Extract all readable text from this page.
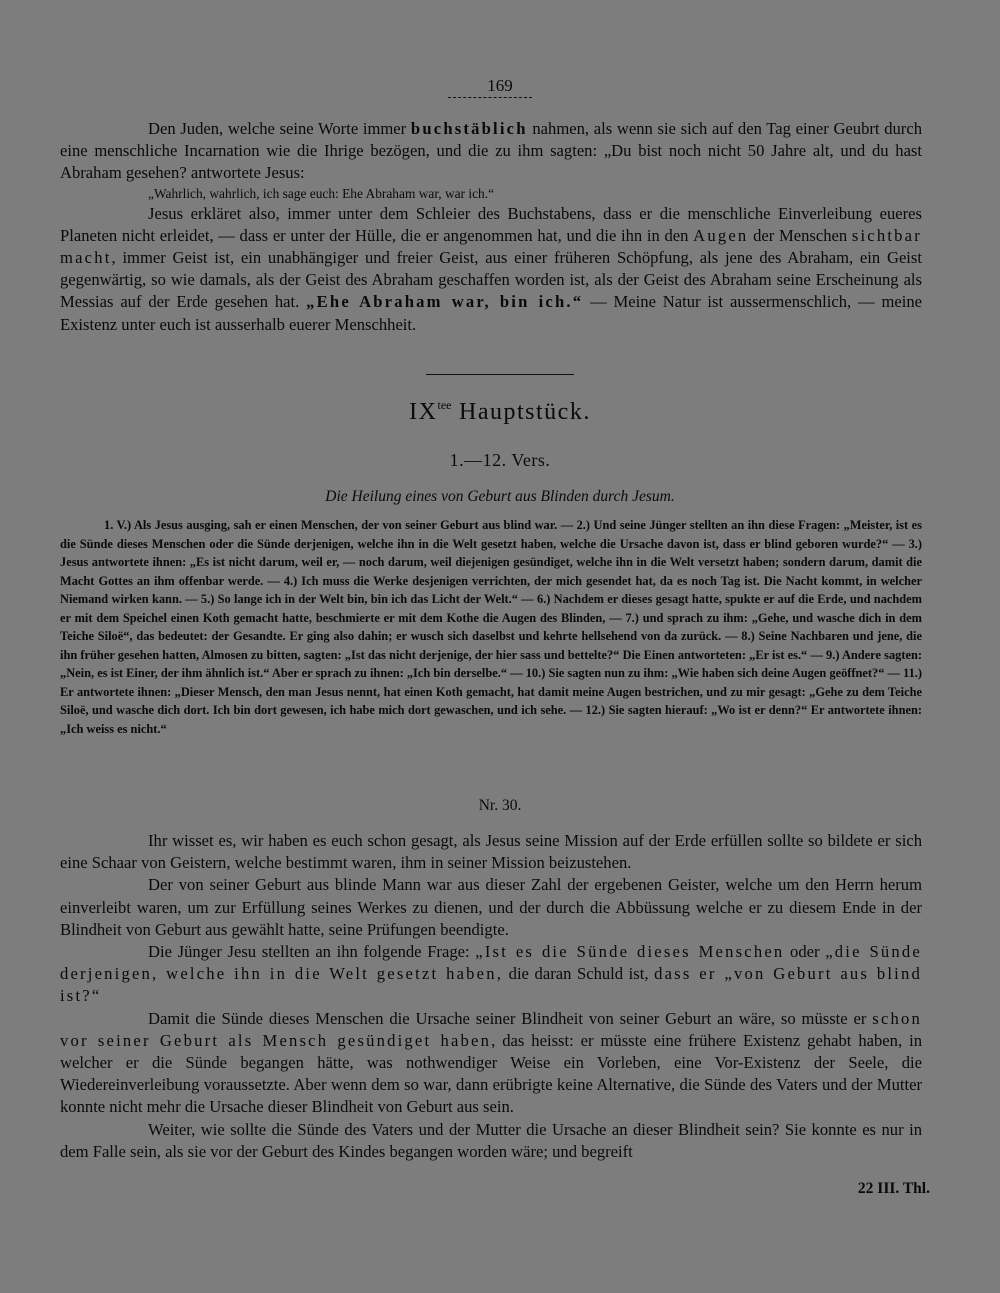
169

Den Juden, welche seine Worte immer buchstäblich nahmen, als wenn sie sich auf den Tag einer Geubrt durch eine menschliche Incarnation wie die Ihrige bezögen, und die zu ihm sagten: „Du bist noch nicht 50 Jahre alt, und du hast Abraham gesehen? antwortete Jesus:

„Wahrlich, wahrlich, ich sage euch: Ehe Abraham war, war ich.“

Jesus erkläret also, immer unter dem Schleier des Buchstabens, dass er die menschliche Einverleibung eueres Planeten nicht erleidet, — dass er unter der Hülle, die er angenommen hat, und die ihn in den Augen der Menschen sichtbar macht, immer Geist ist, ein unabhängiger und freier Geist, aus einer früheren Schöpfung, als jene des Abraham, ein Geist gegenwärtig, so wie damals, als der Geist des Abraham geschaffen worden ist, als der Geist des Abraham seine Erscheinung als Messias auf der Erde gesehen hat. „Ehe Abraham war, bin ich.“ — Meine Natur ist aussermenschlich, — meine Existenz unter euch ist ausserhalb euerer Menschheit.

$IX^{tee}$ Hauptstück.
1.—12. Vers.
Die Heilung eines von Geburt aus Blinden durch Jesum.

1. V.) Als Jesus ausging, sah er einen Menschen, der von seiner Geburt aus blind war. — 2.) Und seine Jünger stellten an ihn diese Fragen: „Meister, ist es die Sünde dieses Menschen oder die Sünde derjenigen, welche ihn in die Welt gesetzt haben, welche die Ursache davon ist, dass er blind geboren wurde?“ — 3.) Jesus antwortete ihnen: „Es ist nicht darum, weil er, — noch darum, weil diejenigen gesündiget, welche ihn in die Welt versetzt haben; sondern darum, damit die Macht Gottes an ihm offenbar werde. — 4.) Ich muss die Werke desjenigen verrichten, der mich gesendet hat, da es noch Tag ist. Die Nacht kommt, in welcher Niemand wirken kann. — 5.) So lange ich in der Welt bin, bin ich das Licht der Welt.“ — 6.) Nachdem er dieses gesagt hatte, spukte er auf die Erde, und nachdem er mit dem Speichel einen Koth gemacht hatte, beschmierte er mit dem Kothe die Augen des Blinden, — 7.) und sprach zu ihm: „Gehe, und wasche dich in dem Teiche Siloë“, das bedeutet: der Gesandte. Er ging also dahin; er wusch sich daselbst und kehrte hellsehend von da zurück. — 8.) Seine Nachbaren und jene, die ihn früher gesehen hatten, Almosen zu bitten, sagten: „Ist das nicht derjenige, der hier sass und bettelte?“ Die Einen antworteten: „Er ist es.“ — 9.) Andere sagten: „Nein, es ist Einer, der ihm ähnlich ist.“ Aber er sprach zu ihnen: „Ich bin derselbe.“ — 10.) Sie sagten nun zu ihm: „Wie haben sich deine Augen geöffnet?“ — 11.) Er antwortete ihnen: „Dieser Mensch, den man Jesus nennt, hat einen Koth gemacht, hat damit meine Augen bestrichen, und zu mir gesagt: „Gehe zu dem Teiche Siloë, und wasche dich dort. Ich bin dort gewesen, ich habe mich dort gewaschen, und ich sehe. — 12.) Sie sagten hierauf: „Wo ist er denn?“ Er antwortete ihnen: „Ich weiss es nicht.“

Nr. 30.

Ihr wisset es, wir haben es euch schon gesagt, als Jesus seine Mission auf der Erde erfüllen sollte so bildete er sich eine Schaar von Geistern, welche bestimmt waren, ihm in seiner Mission beizustehen.

Der von seiner Geburt aus blinde Mann war aus dieser Zahl der ergebenen Geister, welche um den Herrn herum einverleibt waren, um zur Erfüllung seines Werkes zu dienen, und der durch die Abbüssung welche er zu diesem Ende in der Blindheit von Geburt aus gewählt hatte, seine Prüfungen beendigte.

Die Jünger Jesu stellten an ihn folgende Frage: „Ist es die Sünde dieses Menschen oder „die Sünde derjenigen, welche ihn in die Welt gesetzt haben, die daran Schuld ist, dass er „von Geburt aus blind ist?“

Damit die Sünde dieses Menschen die Ursache seiner Blindheit von seiner Geburt an wäre, so müsste er schon vor seiner Geburt als Mensch gesündiget haben, das heisst: er müsste eine frühere Existenz gehabt haben, in welcher er die Sünde begangen hätte, was nothwendiger Weise ein Vorleben, eine Vor-Existenz der Seele, die Wiedereinverleibung voraussetzte. Aber wenn dem so war, dann erübrigte keine Alternative, die Sünde des Vaters und der Mutter konnte nicht mehr die Ursache dieser Blindheit von Geburt aus sein.

Weiter, wie sollte die Sünde des Vaters und der Mutter die Ursache an dieser Blindheit sein? Sie konnte es nur in dem Falle sein, als sie vor der Geburt des Kindes begangen worden wäre; und begreift

22 III. Thl.
